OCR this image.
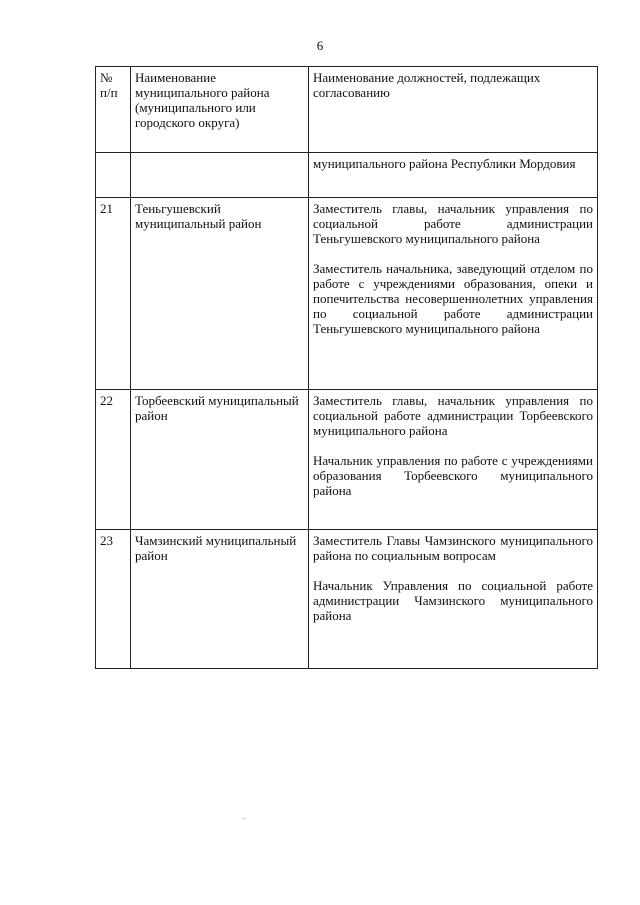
6
№
п/п	Наименование муниципального района (муниципального или городского округа)	Наименование должностей, подлежащих согласованию
		муниципального района Республики Мордовия
21	Теньгушевский муниципальный район	Заместитель главы, начальник управления по социальной работе администрации Теньгушевского муниципального района

Заместитель начальника, заведующий отделом по работе с учреждениями образования, опеки и попечительства несовершеннолетних управления по социальной работе администрации Теньгушевского муниципального района

22	Торбеевский муниципальный район	Заместитель главы, начальник управления по социальной работе администрации Торбеевского муниципального района

Начальник управления по работе с учреждениями образования Торбеевского муниципального района

23	Чамзинский муниципальный район	Заместитель Главы Чамзинского муниципального района по социальным вопросам

Начальник Управления по социальной работе администрации Чамзинского муниципального района
